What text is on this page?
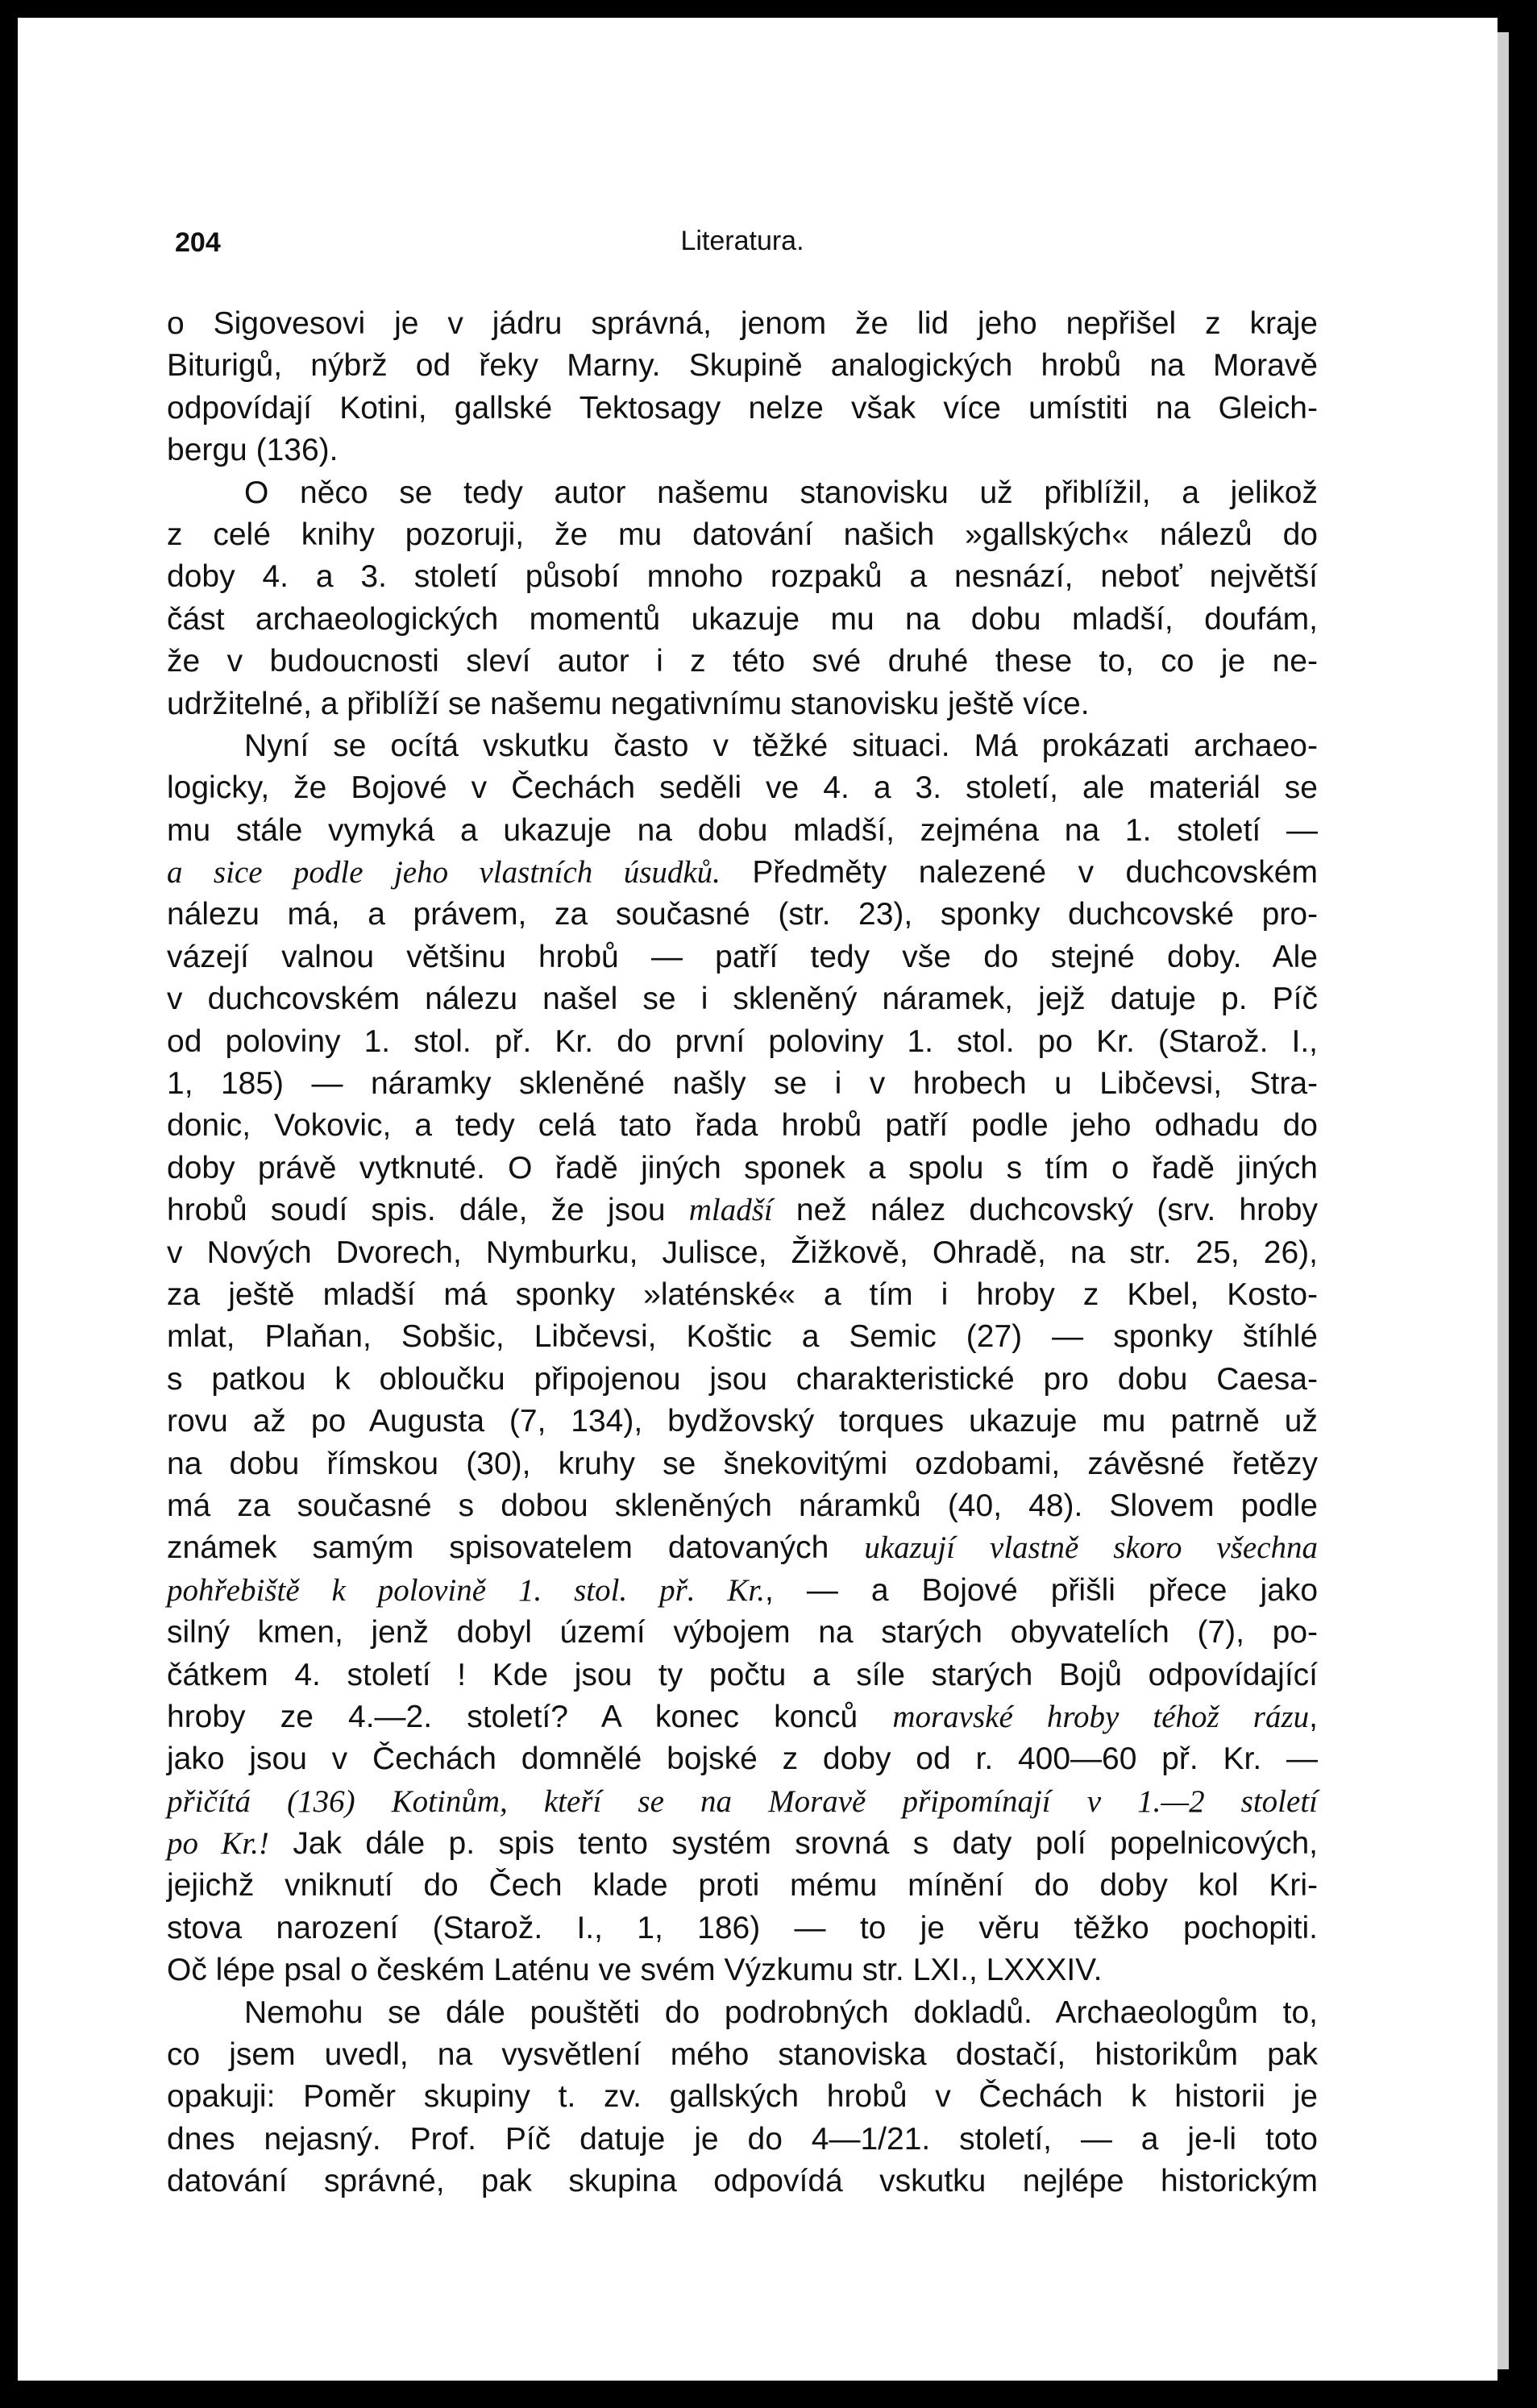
204	Literatura.
o Sigovesovi je v jádru správná, jenom že lid jeho nepřišel z kraje
Biturigů, nýbrž od řeky Marny. Skupině analogických hrobů na Moravě
odpovídají Kotini, gallské Tektosagy nelze však více umístiti na Gleich-
bergu (136).
O něco se tedy autor našemu stanovisku už přiblížil, a jelikož
z celé knihy pozoruji, že mu datování našich »gallských« nálezů do
doby 4. a 3. století působí mnoho rozpaků a nesnází, neboť největší
část archaeologických momentů ukazuje mu na dobu mladší, doufám,
že v budoucnosti sleví autor i z této své druhé these to, co je ne-
udržitelné, a přiblíží se našemu negativnímu stanovisku ještě více.
Nyní se ocítá vskutku často v těžké situaci. Má prokázati archaeo-
logicky, že Bojové v Čechách seděli ve 4. a 3. století, ale materiál se
mu stále vymyká a ukazuje na dobu mladší, zejména na 1. století —
a sice podle jeho vlastních úsudků. Předměty nalezené v duchcovském
nálezu má, a právem, za současné (str. 23), sponky duchcovské pro-
vázejí valnou většinu hrobů — patří tedy vše do stejné doby. Ale
v duchcovském nálezu našel se i skleněný náramek, jejž datuje p. Píč
od poloviny 1. stol. př. Kr. do první poloviny 1. stol. po Kr. (Starož. I.,
1, 185) — náramky skleněné našly se i v hrobech u Libčevsi, Stra-
donic, Vokovic, a tedy celá tato řada hrobů patří podle jeho odhadu do
doby právě vytknuté. O řadě jiných sponek a spolu s tím o řadě jiných
hrobů soudí spis. dále, že jsou mladší než nález duchcovský (srv. hroby
v Nových Dvorech, Nymburku, Julisce, Žižkově, Ohradě, na str. 25, 26),
za ještě mladší má sponky »laténské« a tím i hroby z Kbel, Kosto-
mlat, Plaňan, Sobšic, Libčevsi, Koštic a Semic (27) — sponky štíhlé
s patkou k obloučku připojenou jsou charakteristické pro dobu Caesa-
rovu až po Augusta (7, 134), bydžovský torques ukazuje mu patrně už
na dobu římskou (30), kruhy se šnekovitými ozdobami, závěsné řetězy
má za současné s dobou skleněných náramků (40, 48). Slovem podle
známek samým spisovatelem datovaných ukazují vlastně skoro všechna
pohřebiště k polovině 1. stol. př. Kr., — a Bojové přišli přece jako
silný kmen, jenž dobyl území výbojem na starých obyvatelích (7), po-
čátkem 4. století ! Kde jsou ty počtu a síle starých Bojů odpovídající
hroby ze 4.—2. století? A konec konců moravské hroby téhož rázu,
jako jsou v Čechách domnělé bojské z doby od r. 400—60 př. Kr. —
přičítá (136) Kotinům, kteří se na Moravě připomínají v 1.—2 století
po Kr.! Jak dále p. spis tento systém srovná s daty polí popelnicových,
jejichž vniknutí do Čech klade proti mému mínění do doby kol Kri-
stova narození (Starož. I., 1, 186) — to je věru těžko pochopiti.
Oč lépe psal o českém Laténu ve svém Výzkumu str. LXI., LXXXIV.
Nemohu se dále pouštěti do podrobných dokladů. Archaeologům to,
co jsem uvedl, na vysvětlení mého stanoviska dostačí, historikům pak
opakuji: Poměr skupiny t. zv. gallských hrobů v Čechách k historii je
dnes nejasný. Prof. Píč datuje je do 4—1/21. století, — a je-li toto
datování správné, pak skupina odpovídá vskutku nejlépe historickým
